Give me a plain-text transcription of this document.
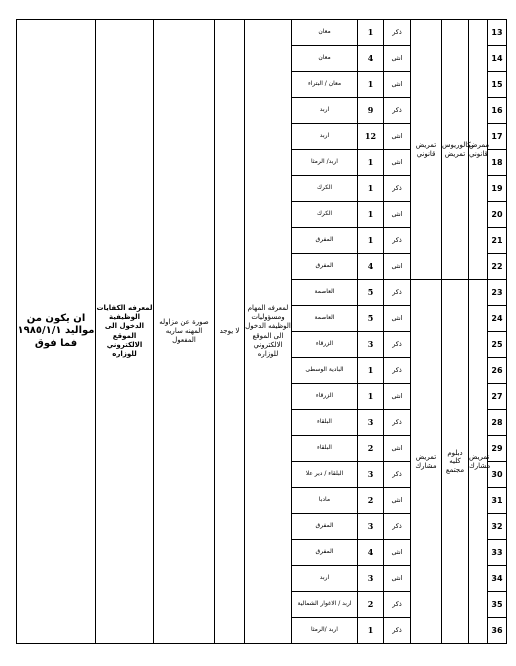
ان يكون من مواليد ١٩٨٥/١/١ فما فوق	لمعرفه الكفايات الوظيفية الدخول الى الموقع الالكتروني للوزاره	صورة عن مزاوله المهنه ساريه المفعول	لا يوجد	لمعرفه المهام ومسؤوليات الوظيفه الدخول الى الموقع الالكتروني للوزاره	معان	1	ذكر	تمريض قانوني	بكالوريوس تمريض	ممرض قانوني	13
					معان	4	انثى				14
					معان / البتراء	1	انثى				15
					اربد	9	ذكر				16
					اربد	12	انثى				17
					اربد/ الرمثا	1	انثى				18
					الكرك	1	ذكر				19
					الكرك	1	انثى				20
					المفرق	1	ذكر				21
					المفرق	4	انثى				22
					العاصمة	5	ذكر	تمريض مشارك	دبلوم كليه مجتمع	تمريض مشارك	23
					العاصمة	5	انثى				24
					الزرقاء	3	ذكر				25
					البادية الوسطى	1	ذكر				26
					الزرقاء	1	انثى				27
					البلقاء	3	ذكر				28
					البلقاء	2	انثى				29
					البلقاء / دير علا	3	ذكر				30
					مادبا	2	انثى				31
					المفرق	3	ذكر				32
					المفرق	4	انثى				33
					اربد	3	انثى				34
					اربد / الاغوار الشمالية	2	ذكر				35
					اربد /الرمثا	1	ذكر				36
